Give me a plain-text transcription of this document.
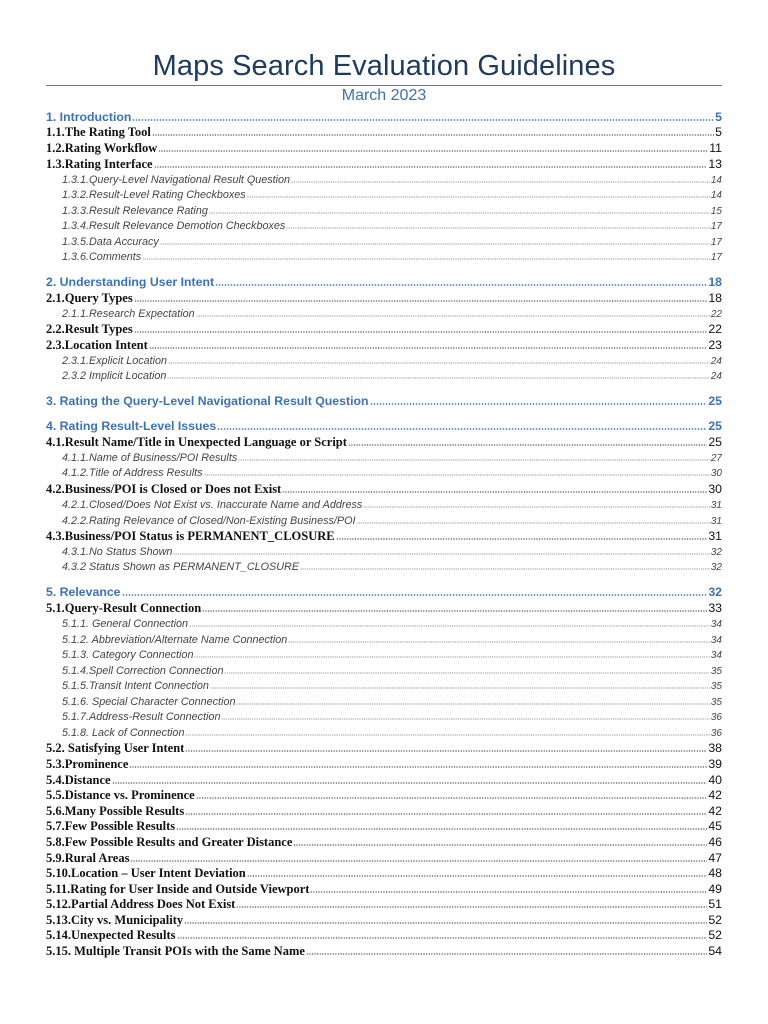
Maps Search Evaluation Guidelines
March 2023
1. Introduction	5
1.1.The Rating Tool	5
1.2.Rating Workflow	11
1.3.Rating Interface	13
1.3.1.Query-Level Navigational Result Question	14
1.3.2.Result-Level Rating Checkboxes	14
1.3.3.Result Relevance Rating	15
1.3.4.Result Relevance Demotion Checkboxes	17
1.3.5.Data Accuracy	17
1.3.6.Comments	17
2. Understanding User Intent	18
2.1.Query Types	18
2.1.1.Research Expectation	22
2.2.Result Types	22
2.3.Location Intent	23
2.3.1.Explicit Location	24
2.3.2 Implicit Location	24
3. Rating the Query-Level Navigational Result Question	25
4. Rating Result-Level Issues	25
4.1.Result Name/Title in Unexpected Language or Script	25
4.1.1.Name of Business/POI Results	27
4.1.2.Title of Address Results	30
4.2.Business/POI is Closed or Does not Exist	30
4.2.1.Closed/Does Not Exist vs. Inaccurate Name and Address	31
4.2.2.Rating Relevance of Closed/Non-Existing Business/POI	31
4.3.Business/POI Status is PERMANENT_CLOSURE	31
4.3.1.No Status Shown	32
4.3.2 Status Shown as PERMANENT_CLOSURE	32
5. Relevance	32
5.1.Query-Result Connection	33
5.1.1. General Connection	34
5.1.2. Abbreviation/Alternate Name Connection	34
5.1.3. Category Connection	34
5.1.4.Spell Correction Connection	35
5.1.5.Transit Intent Connection	35
5.1.6. Special Character Connection	35
5.1.7.Address-Result Connection	36
5.1.8. Lack of Connection	36
5.2. Satisfying User Intent	38
5.3.Prominence	39
5.4.Distance	40
5.5.Distance vs. Prominence	42
5.6.Many Possible Results	42
5.7.Few Possible Results	45
5.8.Few Possible Results and Greater Distance	46
5.9.Rural Areas	47
5.10.Location – User Intent Deviation	48
5.11.Rating for User Inside and Outside Viewport	49
5.12.Partial Address Does Not Exist	51
5.13.City vs. Municipality	52
5.14.Unexpected Results	52
5.15. Multiple Transit POIs with the Same Name	54
